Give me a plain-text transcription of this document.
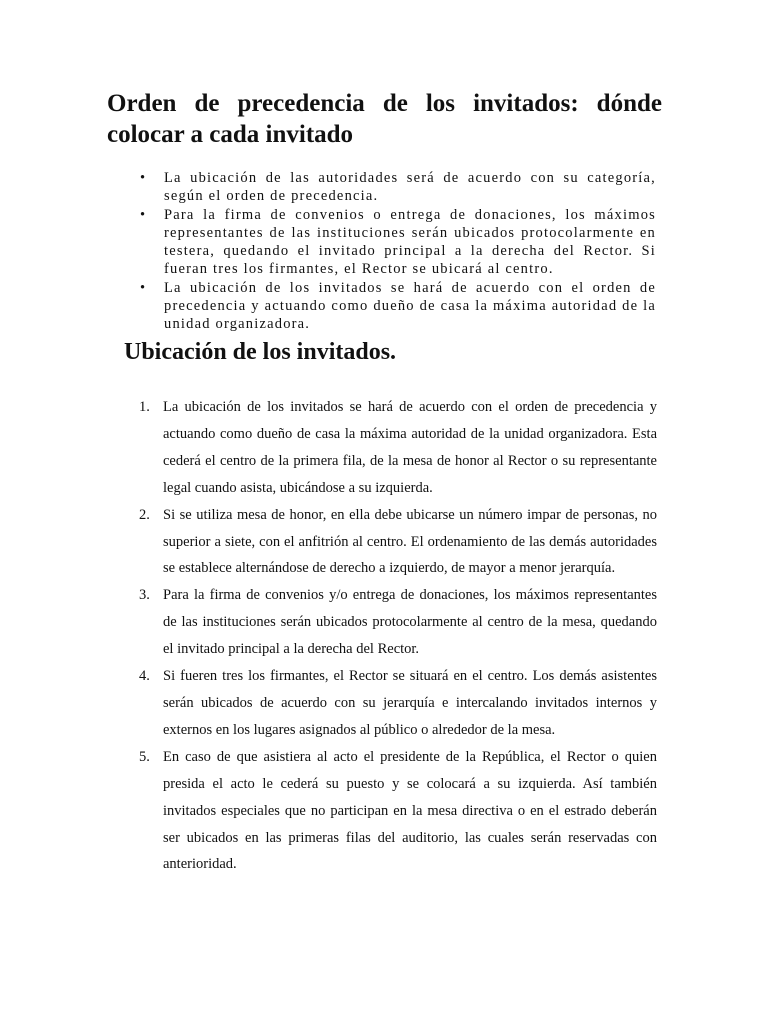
Orden de precedencia de los invitados: dónde colocar a cada invitado
• La ubicación de las autoridades será de acuerdo con su categoría, según el orden de precedencia.
• Para la firma de convenios o entrega de donaciones, los máximos representantes de las instituciones serán ubicados protocolarmente en testera, quedando el invitado principal a la derecha del Rector. Si fueran tres los firmantes, el Rector se ubicará al centro.
• La ubicación de los invitados se hará de acuerdo con el orden de precedencia y actuando como dueño de casa la máxima autoridad de la unidad organizadora.
Ubicación de los invitados.
1. La ubicación de los invitados se hará de acuerdo con el orden de precedencia y actuando como dueño de casa la máxima autoridad de la unidad organizadora. Esta cederá el centro de la primera fila, de la mesa de honor al Rector o su representante legal cuando asista, ubicándose a su izquierda.
2. Si se utiliza mesa de honor, en ella debe ubicarse un número impar de personas, no superior a siete, con el anfitrión al centro. El ordenamiento de las demás autoridades se establece alternándose de derecho a izquierdo, de mayor a menor jerarquía.
3. Para la firma de convenios y/o entrega de donaciones, los máximos representantes de las instituciones serán ubicados protocolarmente al centro de la mesa, quedando el invitado principal a la derecha del Rector.
4. Si fueren tres los firmantes, el Rector se situará en el centro. Los demás asistentes serán ubicados de acuerdo con su jerarquía e intercalando invitados internos y externos en los lugares asignados al público o alrededor de la mesa.
5. En caso de que asistiera al acto el presidente de la República, el Rector o quien presida el acto le cederá su puesto y se colocará a su izquierda. Así también invitados especiales que no participan en la mesa directiva o en el estrado deberán ser ubicados en las primeras filas del auditorio, las cuales serán reservadas con anterioridad.
